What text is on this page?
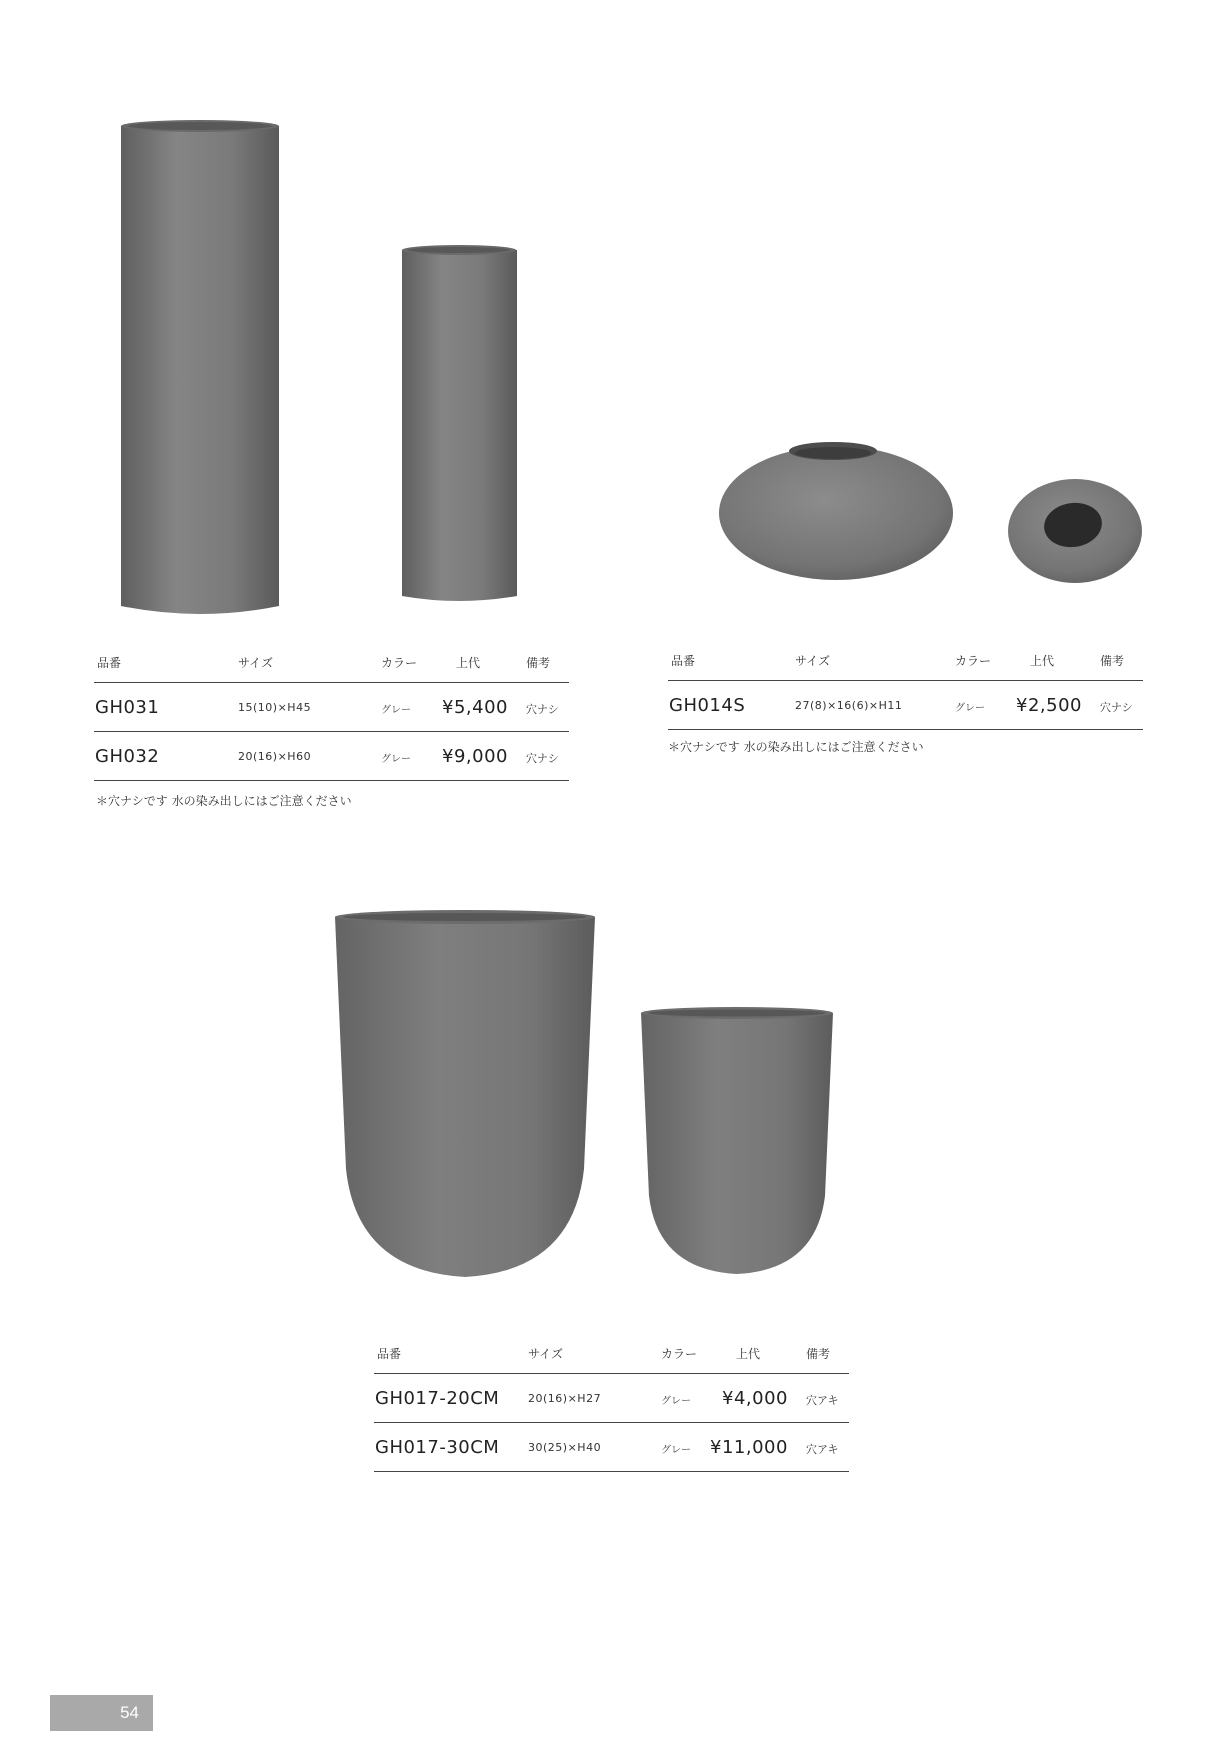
品番	サイズ	カラー	上代	備考
GH031	15(10)×H45	グレー ¥5,400 穴ナシ
GH032	20(16)×H60	グレー ¥9,000 穴ナシ
＊穴ナシです 水の染み出しにはご注意ください
品番	サイズ	カラー	上代	備考
GH014S	27(8)×16(6)×H11	グレー ¥2,500 穴ナシ
＊穴ナシです 水の染み出しにはご注意ください
品番	サイズ	カラー	上代	備考
GH017-20CM	20(16)×H27	グレー ¥4,000 穴アキ
GH017-30CM	30(25)×H40	グレー ¥11,000 穴アキ
54
